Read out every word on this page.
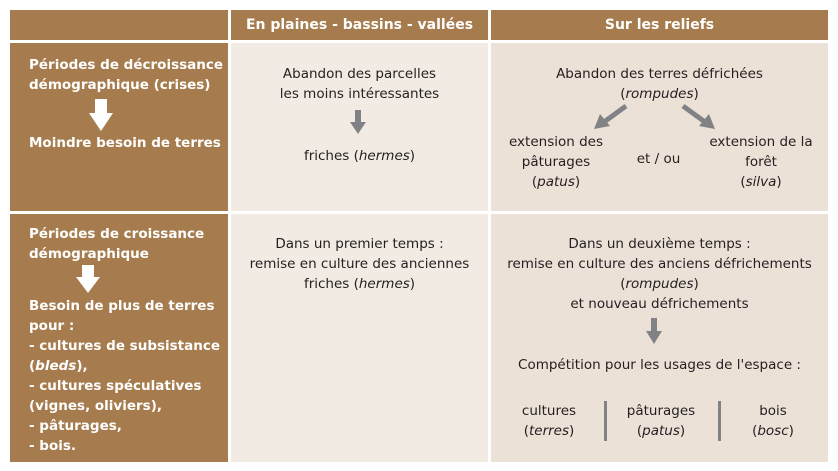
En plaines - bassins - vallées	Sur les reliefs
Périodes de décroissance
démographique (crises)
Moindre besoin de terres
Abandon des parcelles
les moins intéressantes
friches (hermes)
Abandon des terres défrichées
(rompudes)
extension des
pâturages
(patus)
et / ou
extension de la
forêt
(silva)
Périodes de croissance
démographique
Besoin de plus de terres
pour :
- cultures de subsistance
(bleds),
- cultures spéculatives
(vignes, oliviers),
- pâturages,
- bois.
Dans un premier temps :
remise en culture des anciennes
friches (hermes)
Dans un deuxième temps :
remise en culture des anciens défrichements
(rompudes)
et nouveau défrichements
Compétition pour les usages de l'espace :
cultures
(terres)
pâturages
(patus)
bois
(bosc)
